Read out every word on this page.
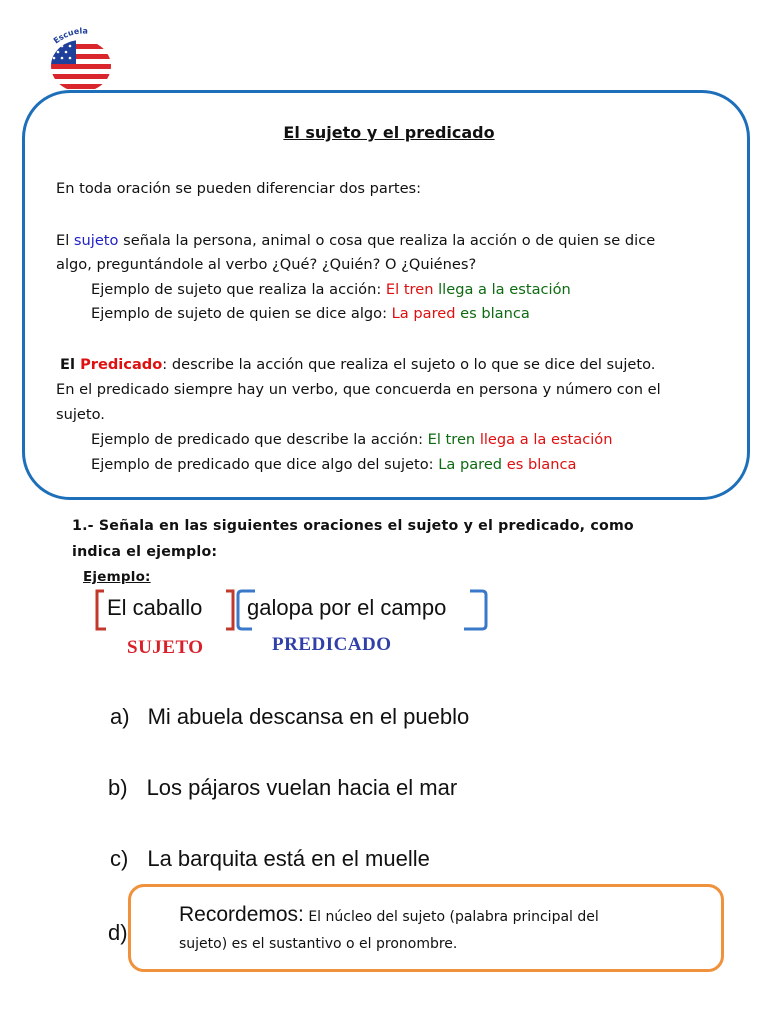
Escuela
El sujeto y el predicado
En toda oración se pueden diferenciar dos partes:
El sujeto señala la persona, animal o cosa que realiza la acción o de quien se dice
algo, preguntándole al verbo ¿Qué? ¿Quién? O ¿Quiénes?
Ejemplo de sujeto que realiza la acción: El tren llega a la estación
Ejemplo de sujeto de quien se dice algo: La pared es blanca
El Predicado: describe la acción que realiza el sujeto o lo que se dice del sujeto.
En el predicado siempre hay un verbo, que concuerda en persona y número con el
sujeto.
Ejemplo de predicado que describe la acción: El tren llega a la estación
Ejemplo de predicado que dice algo del sujeto: La pared es blanca
1.- Señala en las siguientes oraciones el sujeto y el predicado, como
indica el ejemplo:
Ejemplo:
El caballo galopa por el campo
SUJETO	PREDICADO
a) Mi abuela descansa en el pueblo
b) Los pájaros vuelan hacia el mar
c) La barquita está en el muelle
d)
Recordemos: El núcleo del sujeto (palabra principal del
sujeto) es el sustantivo o el pronombre.
